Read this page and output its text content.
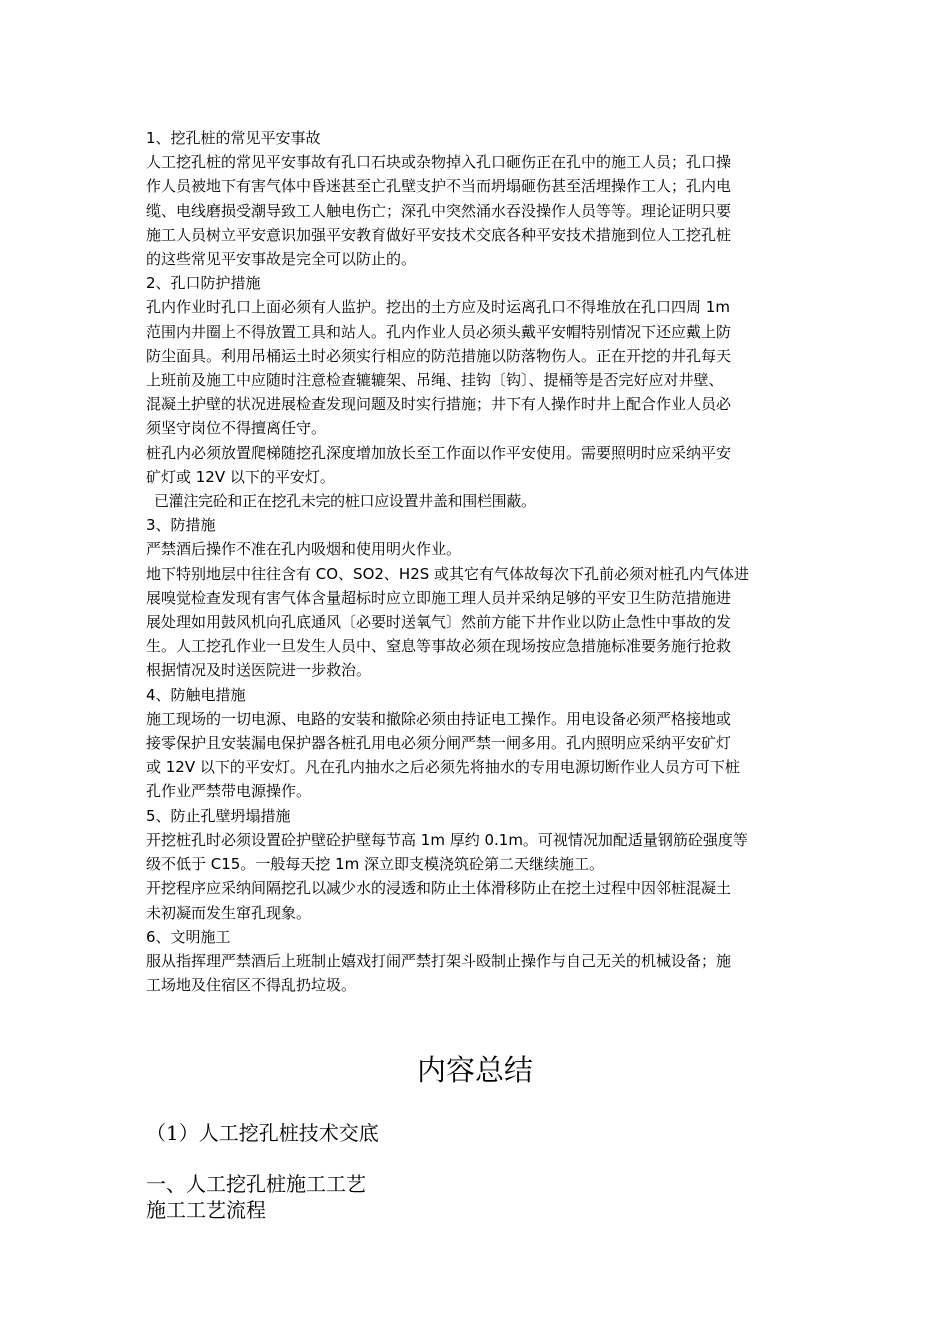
1、挖孔桩的常见平安事故
人工挖孔桩的常见平安事故有孔口石块或杂物掉入孔口砸伤正在孔中的施工人员；孔口操
作人员被地下有害气体中昏迷甚至亡孔壁支护不当而坍塌砸伤甚至活埋操作工人；孔内电
缆、电线磨损受潮导致工人触电伤亡；深孔中突然涌水吞没操作人员等等。理论证明只要
施工人员树立平安意识加强平安教育做好平安技术交底各种平安技术措施到位人工挖孔桩
的这些常见平安事故是完全可以防止的。
2、孔口防护措施
孔内作业时孔口上面必须有人监护。挖出的土方应及时运离孔口不得堆放在孔口四周 1m
范围内井圈上不得放置工具和站人。孔内作业人员必须头戴平安帽特别情况下还应戴上防
防尘面具。利用吊桶运土时必须实行相应的防范措施以防落物伤人。正在开挖的井孔每天
上班前及施工中应随时注意检查辘辘架、吊绳、挂钩〔钩〕、提桶等是否完好应对井壁、
混凝土护壁的状况进展检查发现问题及时实行措施；井下有人操作时井上配合作业人员必
须坚守岗位不得擅离任守。
桩孔内必须放置爬梯随挖孔深度增加放长至工作面以作平安使用。需要照明时应采纳平安
矿灯或 12V 以下的平安灯。
已灌注完砼和正在挖孔未完的桩口应设置井盖和围栏围蔽。
3、防措施
严禁酒后操作不准在孔内吸烟和使用明火作业。
地下特别地层中往往含有 CO、SO2、H2S 或其它有气体故每次下孔前必须对桩孔内气体进
展嗅觉检查发现有害气体含量超标时应立即施工理人员并采纳足够的平安卫生防范措施进
展处理如用鼓风机向孔底通风〔必要时送氧气〕然前方能下井作业以防止急性中事故的发
生。人工挖孔作业一旦发生人员中、窒息等事故必须在现场按应急措施标准要务施行抢救
根据情况及时送医院进一步救治。
4、防触电措施
施工现场的一切电源、电路的安装和撤除必须由持证电工操作。用电设备必须严格接地或
接零保护且安装漏电保护器各桩孔用电必须分闸严禁一闸多用。孔内照明应采纳平安矿灯
或 12V 以下的平安灯。凡在孔内抽水之后必须先将抽水的专用电源切断作业人员方可下桩
孔作业严禁带电源操作。
5、防止孔壁坍塌措施
开挖桩孔时必须设置砼护壁砼护壁每节高 1m 厚约 0.1m。可视情况加配适量钢筋砼强度等
级不低于 C15。一般每天挖 1m 深立即支模浇筑砼第二天继续施工。
开挖程序应采纳间隔挖孔以减少水的浸透和防止土体滑移防止在挖土过程中因邻桩混凝土
未初凝而发生窜孔现象。
6、文明施工
服从指挥理严禁酒后上班制止嬉戏打闹严禁打架斗殴制止操作与自己无关的机械设备；施
工场地及住宿区不得乱扔垃圾。
内容总结
（1）人工挖孔桩技术交底
一、人工挖孔桩施工工艺
施工工艺流程
